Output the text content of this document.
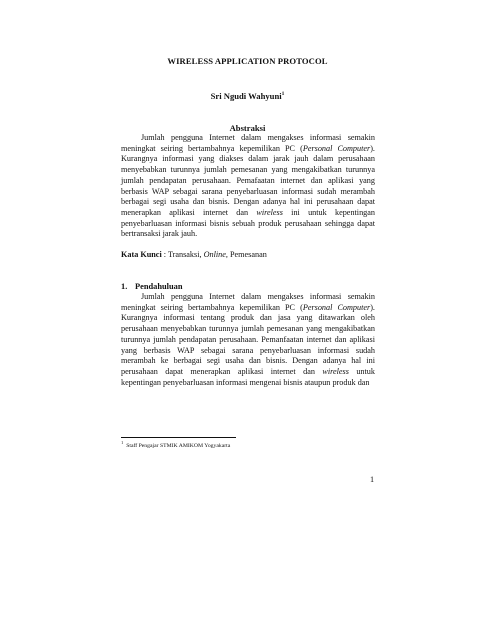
WIRELESS APPLICATION PROTOCOL
Sri Ngudi Wahyuni$^1$
Abstraksi
Jumlah pengguna Internet dalam mengakses informasi semakin meningkat seiring bertambahnya kepemilikan PC (Personal Computer). Kurangnya informasi yang diakses dalam jarak jauh dalam perusahaan menyebabkan turunnya jumlah pemesanan yang mengakibatkan turunnya jumlah pendapatan perusahaan. Pemafaatan internet dan aplikasi yang berbasis WAP sebagai sarana penyebarluasan informasi sudah merambah berbagai segi usaha dan bisnis. Dengan adanya hal ini perusahaan dapat menerapkan aplikasi internet dan wireless ini untuk kepentingan penyebarluasan informasi bisnis sebuah produk perusahaan sehingga dapat bertransaksi jarak jauh.
Kata Kunci : Transaksi, Online, Pemesanan
1. Pendahuluan
Jumlah pengguna Internet dalam mengakses informasi semakin meningkat seiring bertambahnya kepemilikan PC (Personal Computer). Kurangnya informasi tentang produk dan jasa yang ditawarkan oleh perusahaan menyebabkan turunnya jumlah pemesanan yang mengakibatkan turunnya jumlah pendapatan perusahaan. Pemanfaatan internet dan aplikasi yang berbasis WAP sebagai sarana penyebarluasan informasi sudah merambah ke berbagai segi usaha dan bisnis. Dengan adanya hal ini perusahaan dapat menerapkan aplikasi internet dan wireless untuk kepentingan penyebarluasan informasi mengenai bisnis ataupun produk dan
$^1$Staff Pengajar STMIK AMIKOM Yogyakarta
1
